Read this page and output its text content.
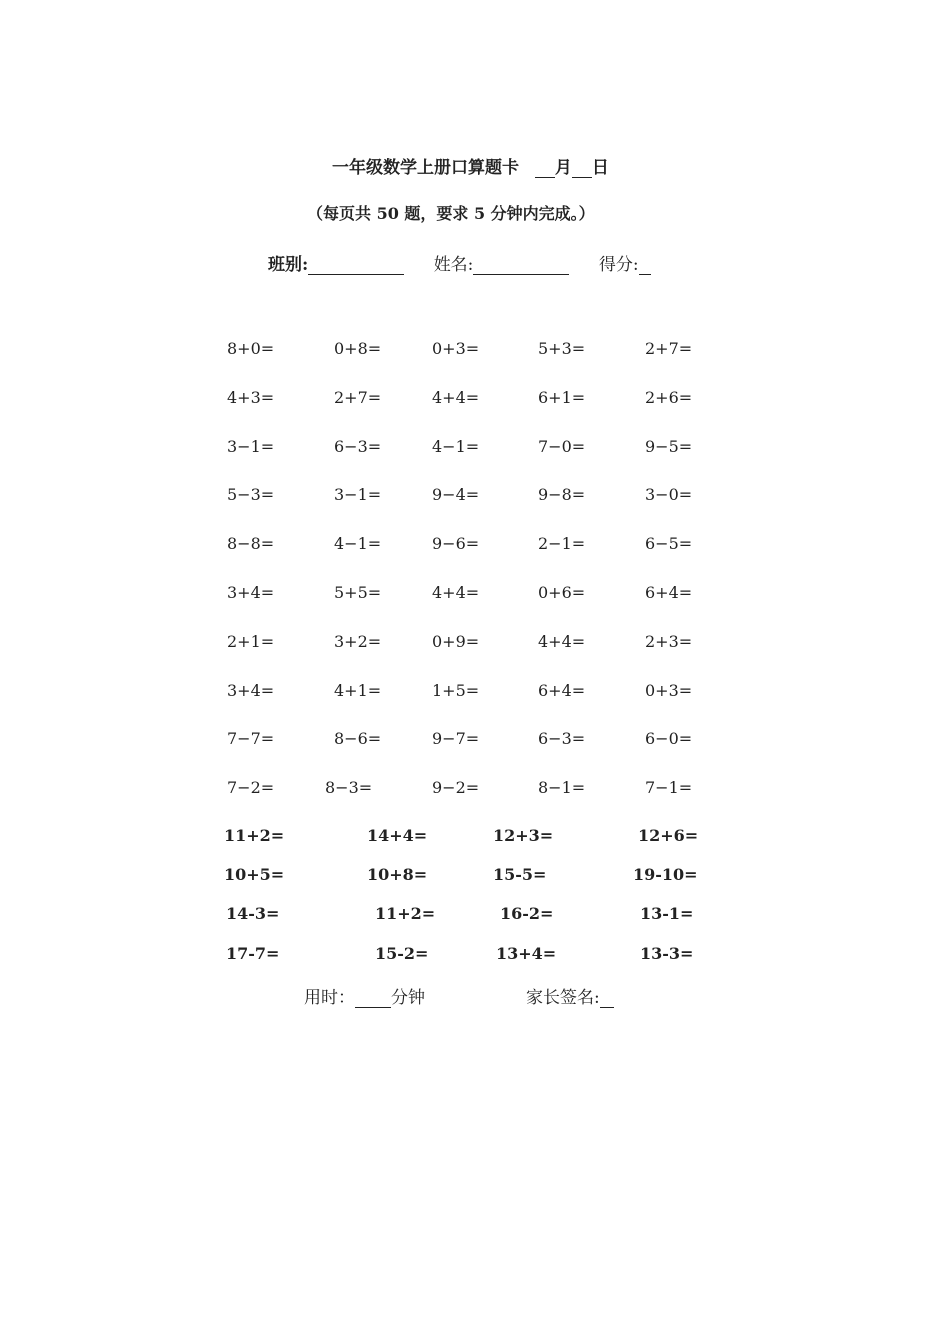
一年级数学上册口算题卡 月 日
（每页共 50 题，要求 5 分钟内完成。）
班别:	姓名:	得分:
8+0=	0+8=	0+3=	5+3=	2+7=
4+3=	2+7=	4+4=	6+1=	2+6=
3−1=	6−3=	4−1=	7−0=	9−5=
5−3=	3−1=	9−4=	9−8=	3−0=
8−8=	4−1=	9−6=	2−1=	6−5=
3+4=	5+5=	4+4=	0+6=	6+4=
2+1=	3+2=	0+9=	4+4=	2+3=
3+4=	4+1=	1+5=	6+4=	0+3=
7−7=	8−6=	9−7=	6−3=	6−0=
7−2=	8−3=	9−2=	8−1=	7−1=
11+2=	14+4=	12+3=	12+6=
10+5=	10+8=	15-5=	19-10=
14-3=	11+2=	16-2=	13-1=
17-7=	15-2=	13+4=	13-3=
用时： 分钟	家长签名:
